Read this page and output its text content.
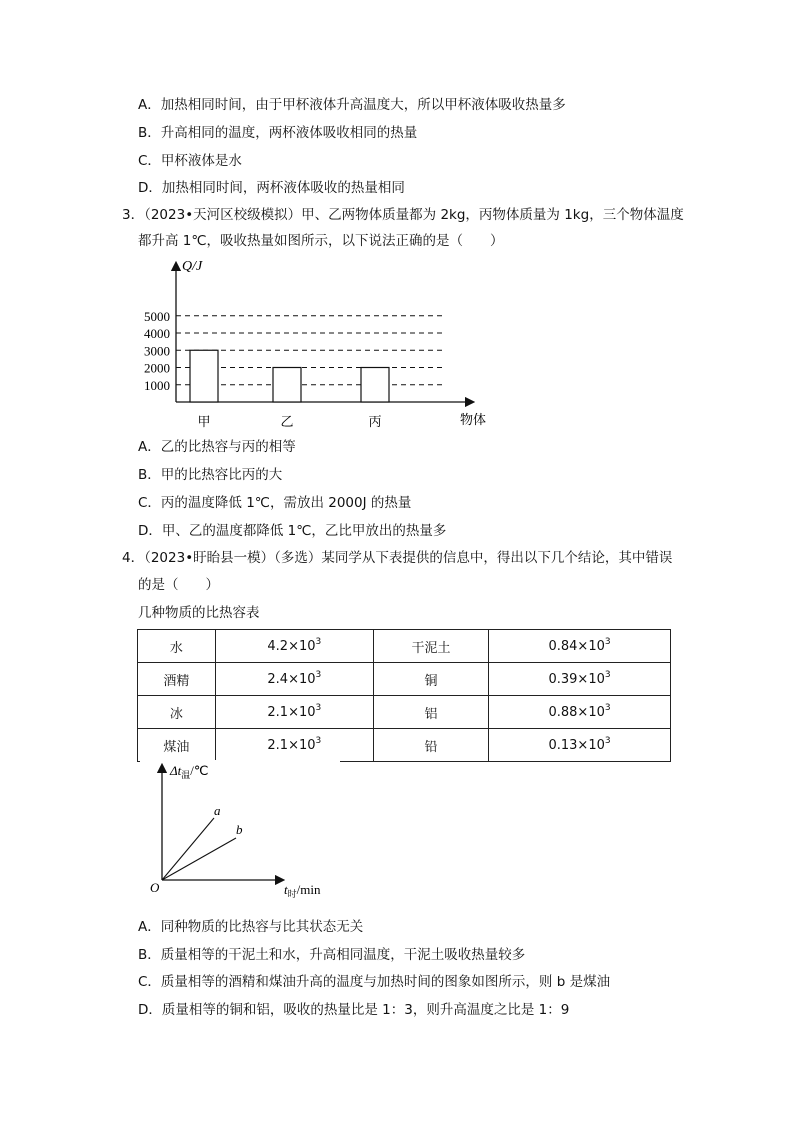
A．加热相同时间，由于甲杯液体升高温度大，所以甲杯液体吸收热量多
B．升高相同的温度，两杯液体吸收相同的热量
C．甲杯液体是水
D．加热相同时间，两杯液体吸收的热量相同
3．（2023•天河区校级模拟）甲、乙两物体质量都为 2kg，丙物体质量为 1kg，三个物体温度
都升高 1℃，吸收热量如图所示，以下说法正确的是（　　）
Q/J
物体
1000
2000
3000
4000
5000
甲	乙	丙
A．乙的比热容与丙的相等
B．甲的比热容比丙的大
C．丙的温度降低 1℃，需放出 2000J 的热量
D．甲、乙的温度都降低 1℃，乙比甲放出的热量多
4．（2023•盱眙县一模）（多选）某同学从下表提供的信息中，得出以下几个结论，其中错误
的是（　　）
几种物质的比热容表
水	$4.2\times 10^3$	干泥土	$0.84\times 10^3$
酒精	$2.4\times 10^3$	铜	$0.39\times 10^3$
冰	$2.1\times 10^3$	铝	$0.88\times 10^3$
煤油	$2.1\times 10^3$	铅	$0.13\times 10^3$
a
b
O
$\Delta t_温/℃$
$t_时/\min$
A．同种物质的比热容与比其状态无关
B．质量相等的干泥土和水，升高相同温度，干泥土吸收热量较多
C．质量相等的酒精和煤油升高的温度与加热时间的图象如图所示，则 b 是煤油
D．质量相等的铜和铝，吸收的热量比是 1：3，则升高温度之比是 1：9
